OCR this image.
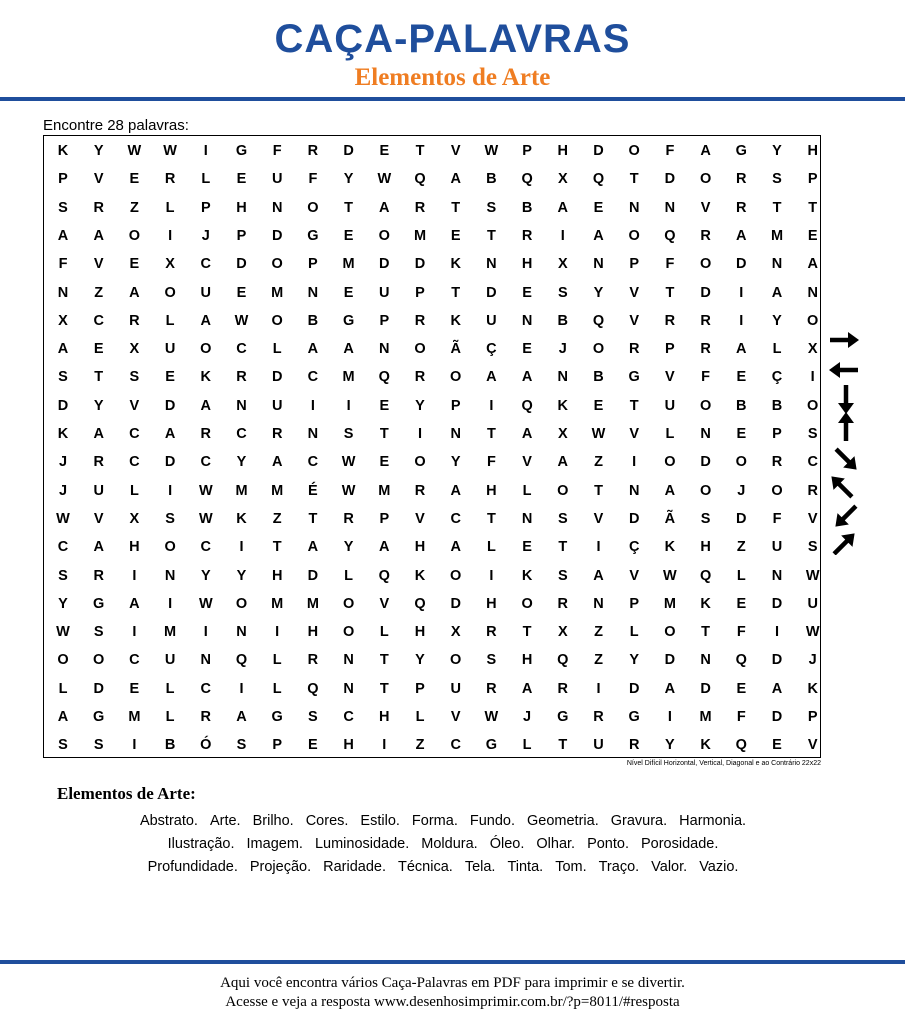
CAÇA-PALAVRAS
Elementos de Arte
Encontre 28 palavras:
K	Y	W	W	I	G	F	R	D	E	T	V	W	P	H	D	O	F	A	G	Y	H
P	V	E	R	L	E	U	F	Y	W	Q	A	B	Q	X	Q	T	D	O	R	S	P
S	R	Z	L	P	H	N	O	T	A	R	T	S	B	A	E	N	N	V	R	T	T
A	A	O	I	J	P	D	G	E	O	M	E	T	R	I	A	O	Q	R	A	M	E
F	V	E	X	C	D	O	P	M	D	D	K	N	H	X	N	P	F	O	D	N	A
N	Z	A	O	U	E	M	N	E	U	P	T	D	E	S	Y	V	T	D	I	A	N
X	C	R	L	A	W	O	B	G	P	R	K	U	N	B	Q	V	R	R	I	Y	O
A	E	X	U	O	C	L	A	A	N	O	Ã	Ç	E	J	O	R	P	R	A	L	X
S	T	S	E	K	R	D	C	M	Q	R	O	A	A	N	B	G	V	F	E	Ç	I
D	Y	V	D	A	N	U	I	I	E	Y	P	I	Q	K	E	T	U	O	B	B	O
K	A	C	A	R	C	R	N	S	T	I	N	T	A	X	W	V	L	N	E	P	S
J	R	C	D	C	Y	A	C	W	E	O	Y	F	V	A	Z	I	O	D	O	R	C
J	U	L	I	W	M	M	É	W	M	R	A	H	L	O	T	N	A	O	J	O	R
W	V	X	S	W	K	Z	T	R	P	V	C	T	N	S	V	D	Ã	S	D	F	V
C	A	H	O	C	I	T	A	Y	A	H	A	L	E	T	I	Ç	K	H	Z	U	S
S	R	I	N	Y	Y	H	D	L	Q	K	O	I	K	S	A	V	W	Q	L	N	W
Y	G	A	I	W	O	M	M	O	V	Q	D	H	O	R	N	P	M	K	E	D	U
W	S	I	M	I	N	I	H	O	L	H	X	R	T	X	Z	L	O	T	F	I	W
O	O	C	U	N	Q	L	R	N	T	Y	O	S	H	Q	Z	Y	D	N	Q	D	J
L	D	E	L	C	I	L	Q	N	T	P	U	R	A	R	I	D	A	D	E	A	K
A	G	M	L	R	A	G	S	C	H	L	V	W	J	G	R	G	I	M	F	D	P
S	S	I	B	Ó	S	P	E	H	I	Z	C	G	L	T	U	R	Y	K	Q	E	V
Nível Difícil Horizontal, Vertical, Diagonal e ao Contrário 22x22
Elementos de Arte:
Abstrato. Arte. Brilho. Cores. Estilo. Forma. Fundo. Geometria. Gravura. Harmonia.
Ilustração. Imagem. Luminosidade. Moldura. Óleo. Olhar. Ponto. Porosidade.
Profundidade. Projeção. Raridade. Técnica. Tela. Tinta. Tom. Traço. Valor. Vazio.
Aqui você encontra vários Caça-Palavras em PDF para imprimir e se divertir.
Acesse e veja a resposta www.desenhosimprimir.com.br/?p=8011/#resposta
